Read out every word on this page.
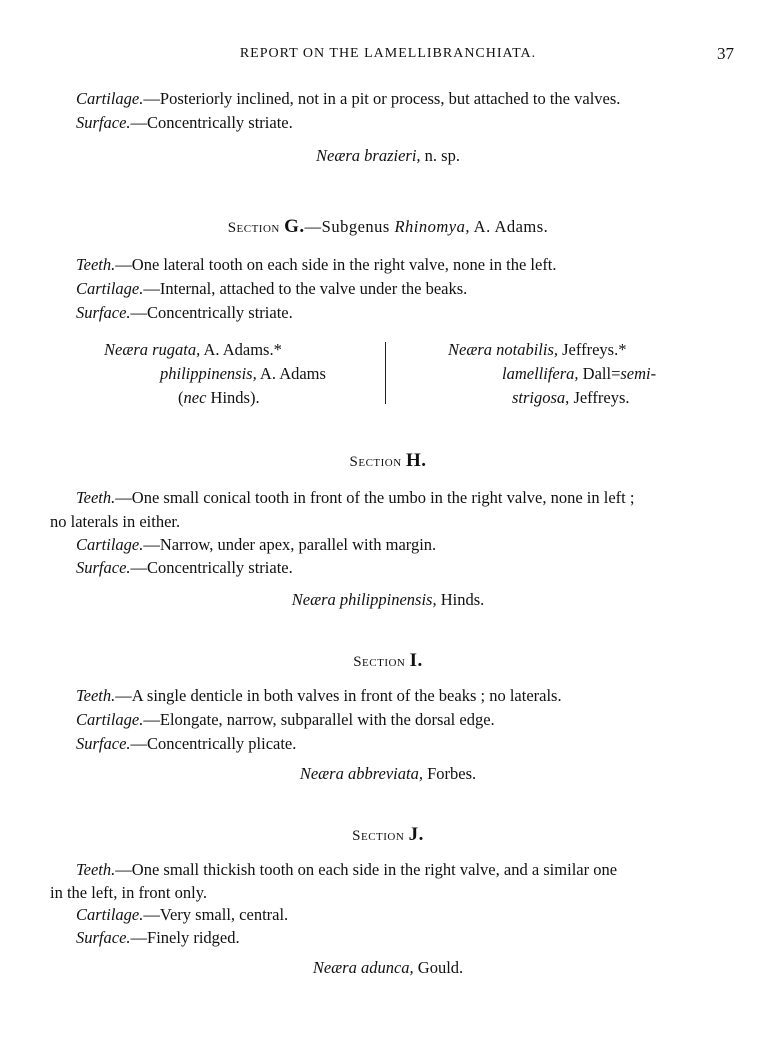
REPORT ON THE LAMELLIBRANCHIATA.	37
Cartilage.—Posteriorly inclined, not in a pit or process, but attached to the valves.
Surface.—Concentrically striate.
Neæra brazieri, n. sp.
Section G.—Subgenus Rhinomya, A. Adams.
Teeth.—One lateral tooth on each side in the right valve, none in the left.
Cartilage.—Internal, attached to the valve under the beaks.
Surface.—Concentrically striate.
Neæra rugata, A. Adams.*
philippinensis, A. Adams
(nec Hinds).
Neæra notabilis, Jeffreys.*
lamellifera, Dall=semi-
strigosa, Jeffreys.
Section H.
Teeth.—One small conical tooth in front of the umbo in the right valve, none in left ;
no laterals in either.
Cartilage.—Narrow, under apex, parallel with margin.
Surface.—Concentrically striate.
Neæra philippinensis, Hinds.
Section I.
Teeth.—A single denticle in both valves in front of the beaks ; no laterals.
Cartilage.—Elongate, narrow, subparallel with the dorsal edge.
Surface.—Concentrically plicate.
Neæra abbreviata, Forbes.
Section J.
Teeth.—One small thickish tooth on each side in the right valve, and a similar one
in the left, in front only.
Cartilage.—Very small, central.
Surface.—Finely ridged.
Neæra adunca, Gould.
